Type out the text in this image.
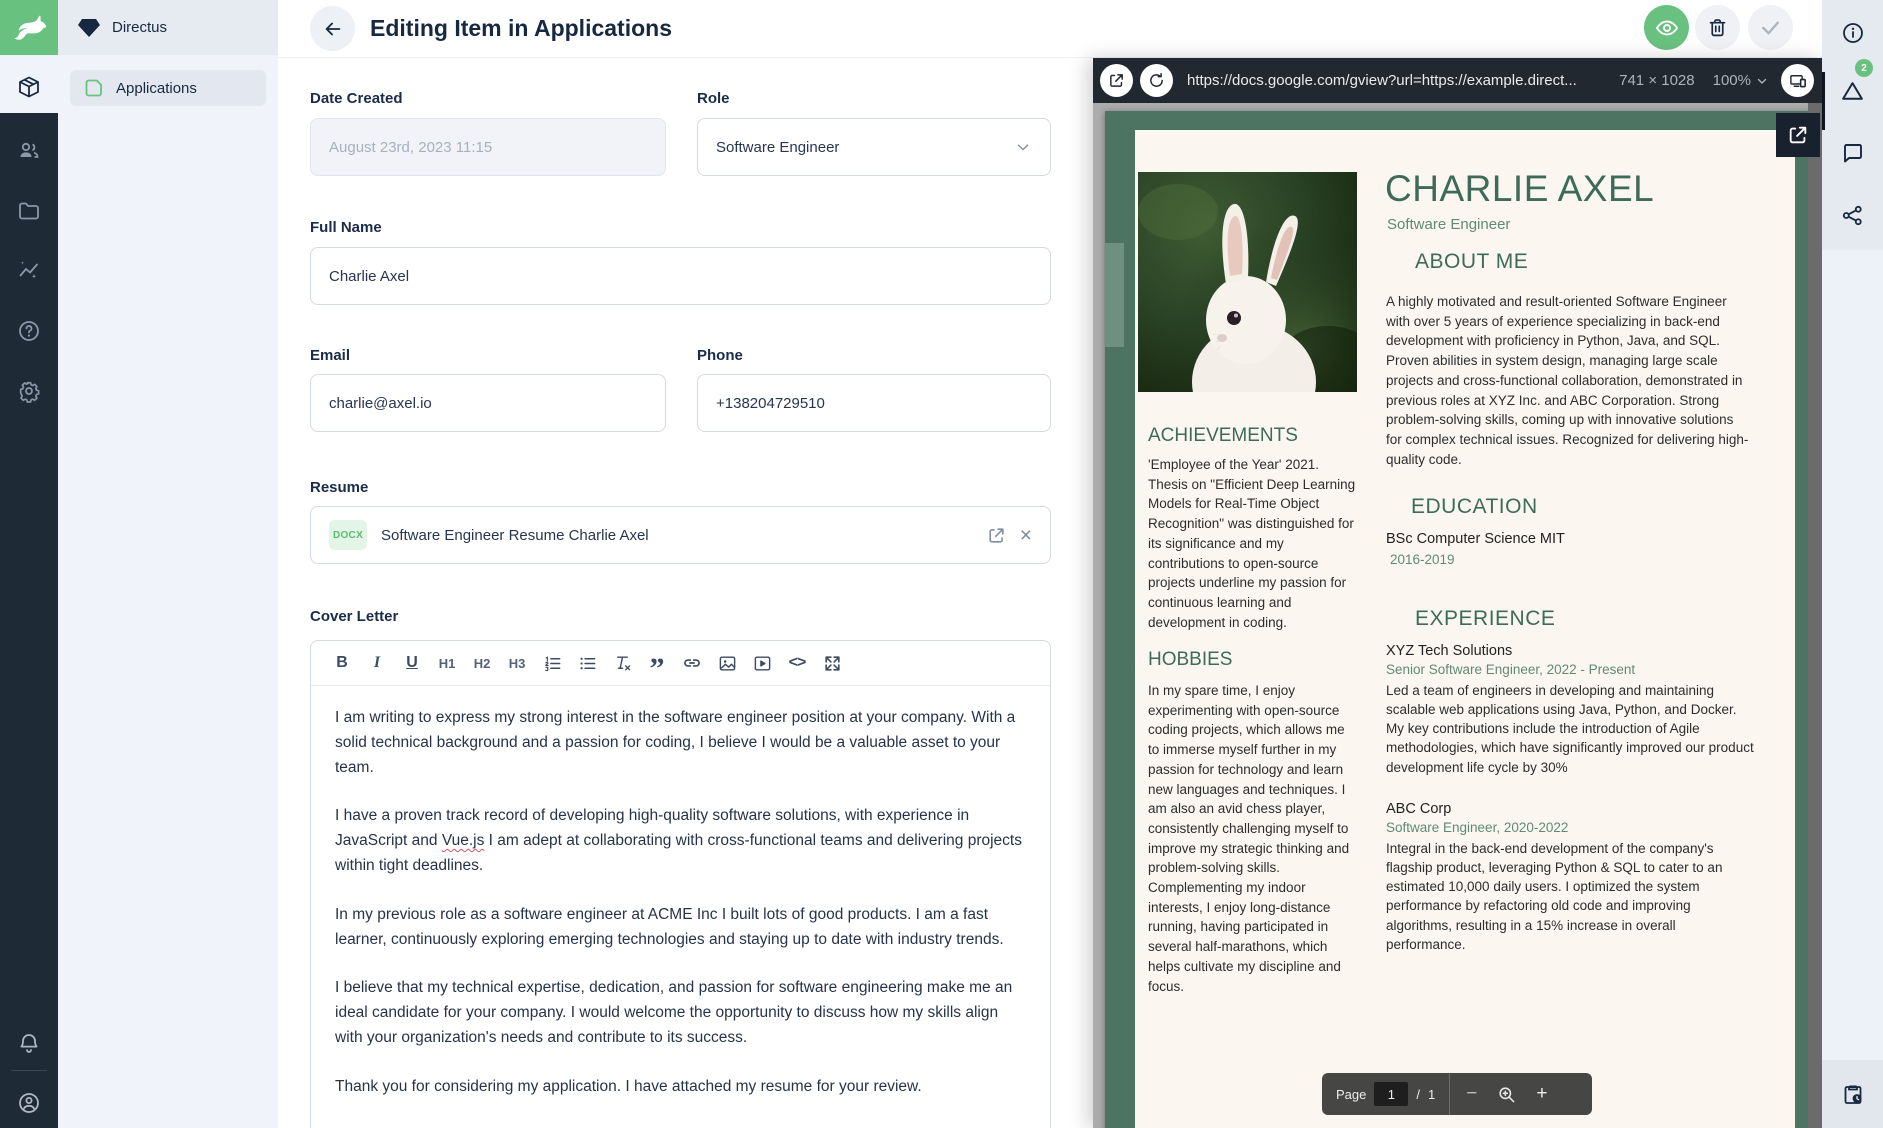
Directus
Applications
Editing Item in Applications
Date Created
August 23rd, 2023 11:15
Role
Software Engineer
Full Name
Charlie Axel
Email
charlie@axel.io
Phone
+138204729510
Resume
DOCX Software Engineer Resume Charlie Axel	×
Cover Letter
B	I	U	H1 H2 H3	”	<>

I am writing to express my strong interest in the software engineer position at your company. With a solid technical background and a passion for coding, I believe I would be a valuable asset to your team.

I have a proven track record of developing high-quality software solutions, with experience in JavaScript and Vue.js I am adept at collaborating with cross-functional teams and delivering projects within tight deadlines.

In my previous role as a software engineer at ACME Inc I built lots of good products. I am a fast learner, continuously exploring emerging technologies and staying up to date with industry trends.

I believe that my technical expertise, dedication, and passion for software engineering make me an ideal candidate for your company. I would welcome the opportunity to discuss how my skills align with your organization's needs and contribute to its success.

Thank you for considering my application. I have attached my resume for your review.

https://docs.google.com/gview?url=https://example.direct...	741 × 1028 100%
CHARLIE AXEL
Software Engineer
ABOUT ME
A highly motivated and result-oriented Software Engineer with over 5 years of experience specializing in back-end development with proficiency in Python, Java, and SQL. Proven abilities in system design, managing large scale projects and cross-functional collaboration, demonstrated in previous roles at XYZ Inc. and ABC Corporation. Strong problem-solving skills, coming up with innovative solutions for complex technical issues. Recognized for delivering high-quality code.
ACHIEVEMENTS
'Employee of the Year' 2021. Thesis on "Efficient Deep Learning Models for Real-Time Object Recognition" was distinguished for its significance and my contributions to open-source projects underline my passion for continuous learning and development in coding.
HOBBIES
In my spare time, I enjoy experimenting with open-source coding projects, which allows me to immerse myself further in my passion for technology and learn new languages and techniques. I am also an avid chess player, consistently challenging myself to improve my strategic thinking and problem-solving skills. Complementing my indoor interests, I enjoy long-distance running, having participated in several half-marathons, which helps cultivate my discipline and focus.
EDUCATION
BSc Computer Science MIT
2016-2019
EXPERIENCE
XYZ Tech Solutions
Senior Software Engineer, 2022 - Present
Led a team of engineers in developing and maintaining scalable web applications using Java, Python, and Docker. My key contributions include the introduction of Agile methodologies, which have significantly improved our product development life cycle by 30%
ABC Corp
Software Engineer, 2020-2022
Integral in the back-end development of the company's flagship product, leveraging Python & SQL to cater to an estimated 10,000 daily users. I optimized the system performance by refactoring old code and improving algorithms, resulting in a 15% increase in overall performance.
Page	1	/ 1 −	+
2
